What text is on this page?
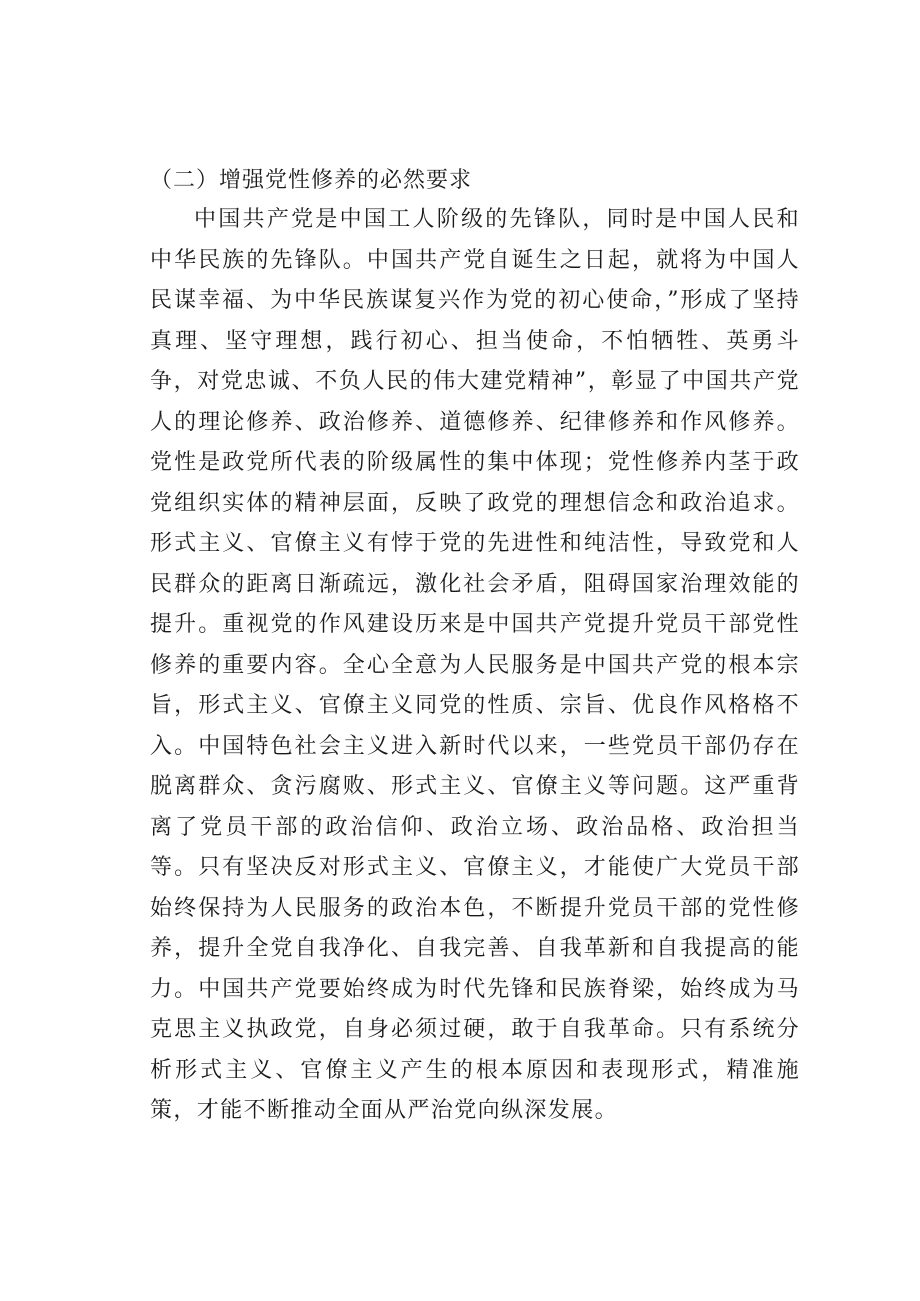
（二）增强党性修养的必然要求

中国共产党是中国工人阶级的先锋队，同时是中国人民和中华民族的先锋队。中国共产党自诞生之日起，就将为中国人民谋幸福、为中华民族谋复兴作为党的初心使命，”形成了坚持真理、坚守理想，践行初心、担当使命，不怕牺牲、英勇斗争，对党忠诚、不负人民的伟大建党精神”，彰显了中国共产党人的理论修养、政治修养、道德修养、纪律修养和作风修养。党性是政党所代表的阶级属性的集中体现；党性修养内茎于政党组织实体的精神层面，反映了政党的理想信念和政治追求。形式主义、官僚主义有悖于党的先进性和纯洁性，导致党和人民群众的距离日渐疏远，激化社会矛盾，阻碍国家治理效能的提升。重视党的作风建设历来是中国共产党提升党员干部党性修养的重要内容。全心全意为人民服务是中国共产党的根本宗旨，形式主义、官僚主义同党的性质、宗旨、优良作风格格不入。中国特色社会主义进入新时代以来，一些党员干部仍存在脱离群众、贪污腐败、形式主义、官僚主义等问题。这严重背离了党员干部的政治信仰、政治立场、政治品格、政治担当等。只有坚决反对形式主义、官僚主义，才能使广大党员干部始终保持为人民服务的政治本色，不断提升党员干部的党性修养，提升全党自我净化、自我完善、自我革新和自我提高的能力。中国共产党要始终成为时代先锋和民族脊梁，始终成为马克思主义执政党，自身必须过硬，敢于自我革命。只有系统分析形式主义、官僚主义产生的根本原因和表现形式，精准施策，才能不断推动全面从严治党向纵深发展。
